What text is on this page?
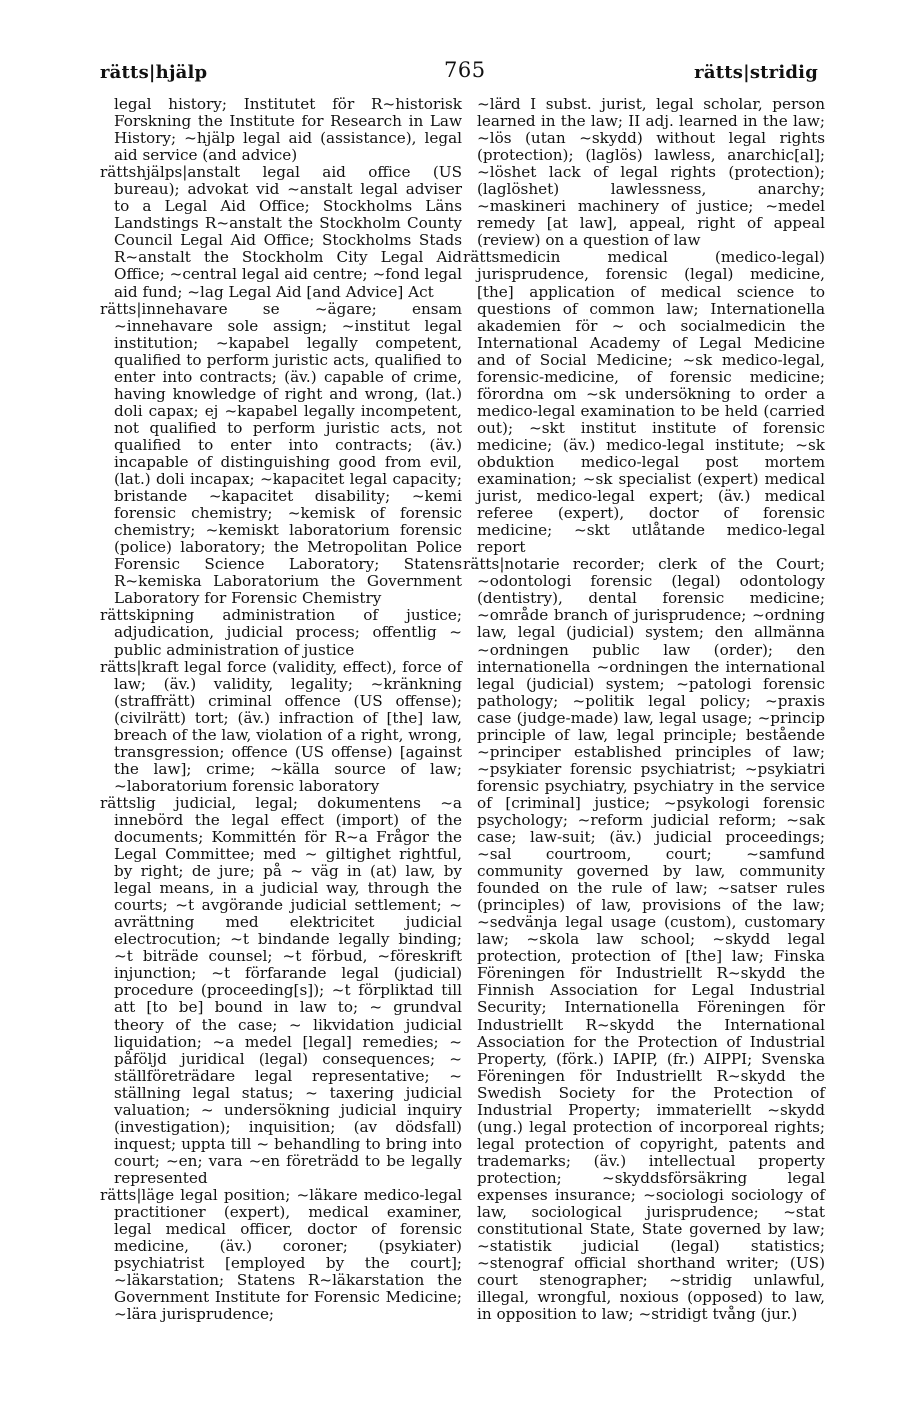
rätts|hjälp	765	rätts|stridig

legal history; Institutet för R~historisk Forskning the Institute for Research in Law History; ~hjälp legal aid (assistance), legal aid service (and advice)

rättshjälps|anstalt legal aid office (US bureau); advokat vid ~anstalt legal adviser to a Legal Aid Office; Stockholms Läns Landstings R~anstalt the Stockholm County Council Legal Aid Office; Stockholms Stads R~anstalt the Stockholm City Legal Aid Office; ~central legal aid centre; ~fond legal aid fund; ~lag Legal Aid [and Advice] Act

rätts|innehavare se ~ägare; ensam ~innehavare sole assign; ~institut legal institution; ~kapabel legally competent, qualified to perform juristic acts, qualified to enter into contracts; (äv.) capable of crime, having knowledge of right and wrong, (lat.) doli capax; ej ~kapabel legally incompetent, not qualified to perform juristic acts, not qualified to enter into contracts; (äv.) incapable of distinguishing good from evil, (lat.) doli incapax; ~kapacitet legal capacity; bristande ~kapacitet disability; ~kemi forensic chemistry; ~kemisk of forensic chemistry; ~kemiskt laboratorium forensic (police) laboratory; the Metropolitan Police Forensic Science Laboratory; Statens R~kemiska Laboratorium the Government Laboratory for Forensic Chemistry

rättskipning administration of justice; adjudication, judicial process; offentlig ~ public administration of justice

rätts|kraft legal force (validity, effect), force of law; (äv.) validity, legality; ~kränkning (straffrätt) criminal offence (US offense); (civilrätt) tort; (äv.) infraction of [the] law, breach of the law, violation of a right, wrong, transgression; offence (US offense) [against the law]; crime; ~källa source of law; ~laboratorium forensic laboratory

rättslig judicial, legal; dokumentens ~a innebörd the legal effect (import) of the documents; Kommittén för R~a Frågor the Legal Committee; med ~ giltighet rightful, by right; de jure; på ~ väg in (at) law, by legal means, in a judicial way, through the courts; ~t avgörande judicial settlement; ~ avrättning med elektricitet judicial electrocution; ~t bindande legally binding; ~t biträde counsel; ~t förbud, ~föreskrift injunction; ~t förfarande legal (judicial) procedure (proceeding[s]); ~t förpliktad till att [to be] bound in law to; ~ grundval theory of the case; ~ likvidation judicial liquidation; ~a medel [legal] remedies; ~ påföljd juridical (legal) consequences; ~ ställföreträdare legal representative; ~ ställning legal status; ~ taxering judicial valuation; ~ undersökning judicial inquiry (investigation); inquisition; (av dödsfall) inquest; uppta till ~ behandling to bring into court; ~en; vara ~en företrädd to be legally represented

rätts|läge legal position; ~läkare medico-legal practitioner (expert), medical examiner, legal medical officer, doctor of forensic medicine, (äv.) coroner; (psykiater) psychiatrist [employed by the court]; ~läkarstation; Statens R~läkarstation the Government Institute for Forensic Medicine; ~lära jurisprudence;

~lärd I subst. jurist, legal scholar, person learned in the law; II adj. learned in the law; ~lös (utan ~skydd) without legal rights (protection); (laglös) lawless, anarchic[al]; ~löshet lack of legal rights (protection); (laglöshet) lawlessness, anarchy; ~maskineri machinery of justice; ~medel remedy [at law], appeal, right of appeal (review) on a question of law

rättsmedicin medical (medico-legal) jurisprudence, forensic (legal) medicine, [the] application of medical science to questions of common law; Internationella akademien för ~ och socialmedicin the International Academy of Legal Medicine and of Social Medicine; ~sk medico-legal, forensic-medicine, of forensic medicine; förordna om ~sk undersökning to order a medico-legal examination to be held (carried out); ~skt institut institute of forensic medicine; (äv.) medico-legal institute; ~sk obduktion medico-legal post mortem examination; ~sk specialist (expert) medical jurist, medico-legal expert; (äv.) medical referee (expert), doctor of forensic medicine; ~skt utlåtande medico-legal report

rätts|notarie recorder; clerk of the Court; ~odontologi forensic (legal) odontology (dentistry), dental forensic medicine; ~område branch of jurisprudence; ~ordning law, legal (judicial) system; den allmänna ~ordningen public law (order); den internationella ~ordningen the international legal (judicial) system; ~patologi forensic pathology; ~politik legal policy; ~praxis case (judge-made) law, legal usage; ~princip principle of law, legal principle; bestående ~principer established principles of law; ~psykiater forensic psychiatrist; ~psykiatri forensic psychiatry, psychiatry in the service of [criminal] justice; ~psykologi forensic psychology; ~reform judicial reform; ~sak case; law-suit; (äv.) judicial proceedings; ~sal courtroom, court; ~samfund community governed by law, community founded on the rule of law; ~satser rules (principles) of law, provisions of the law; ~sedvänja legal usage (custom), customary law; ~skola law school; ~skydd legal protection, protection of [the] law; Finska Föreningen för Industriellt R~skydd the Finnish Association for Legal Industrial Security; Internationella Föreningen för Industriellt R~skydd the International Association for the Protection of Industrial Property, (förk.) IAPIP, (fr.) AIPPI; Svenska Föreningen för Industriellt R~skydd the Swedish Society for the Protection of Industrial Property; immateriellt ~skydd (ung.) legal protection of incorporeal rights; legal protection of copyright, patents and trademarks; (äv.) intellectual property protection; ~skyddsförsäkring legal expenses insurance; ~sociologi sociology of law, sociological jurisprudence; ~stat constitutional State, State governed by law; ~statistik judicial (legal) statistics; ~stenograf official shorthand writer; (US) court stenographer; ~stridig unlawful, illegal, wrongful, noxious (opposed) to law, in opposition to law; ~stridigt tvång (jur.)
